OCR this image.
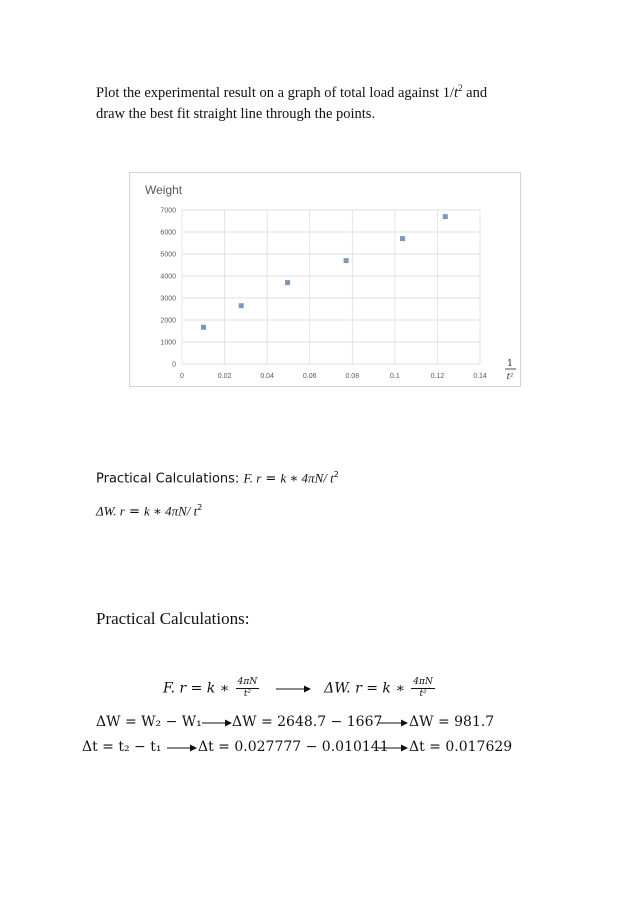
Plot the experimental result on a graph of total load against $1/t^2$ and
draw the best fit straight line through the points.
Weight
0
1000
2000
3000
4000
5000
6000
7000
0	0.02	0.04	0.06	0.08	0.1	0.12	0.14
1
t²
Practical Calculations: F. r = k ∗ 4πN/ $t^2$
ΔW. r = k ∗ 4πN/ $t^2$
Practical Calculations:
F. r = k ∗ $\frac{4\pi N}{\text{t²}}$	ΔW. r = k ∗ $\frac{4\pi N}{\text{t²}}$
ΔW = W₂ − W₁ ΔW = 2648.7 − 1667 ΔW = 981.7
Δt = t₂ − t₁	Δt = 0.027777 − 0.010141 Δt = 0.017629
